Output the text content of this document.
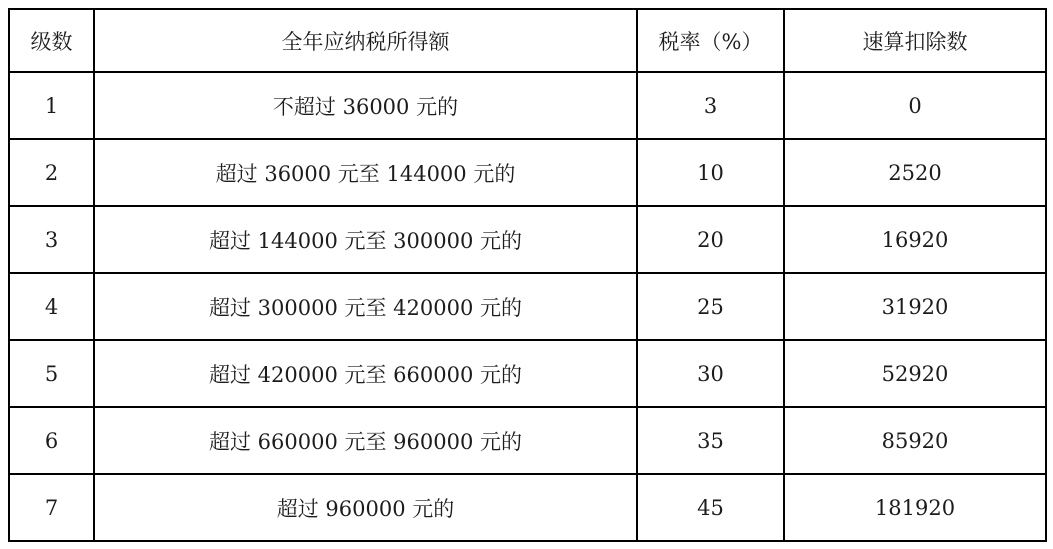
级数	全年应纳税所得额	税率（%）	速算扣除数
1	不超过 36000 元的	3	0
2	超过 36000 元至 144000 元的	10	2520
3	超过 144000 元至 300000 元的	20	16920
4	超过 300000 元至 420000 元的	25	31920
5	超过 420000 元至 660000 元的	30	52920
6	超过 660000 元至 960000 元的	35	85920
7	超过 960000 元的	45	181920
